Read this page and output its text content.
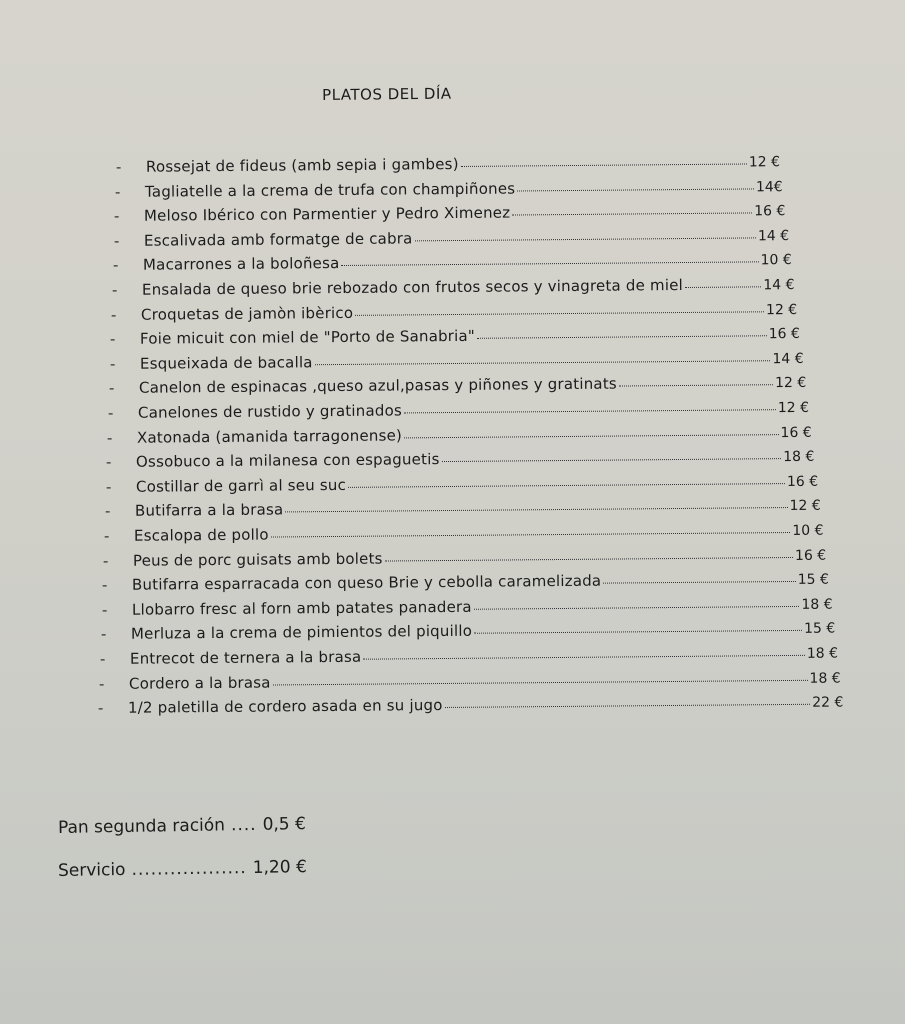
PLATOS DEL DÍA
-	Rossejat de fideus (amb sepia i gambes)	12 €
-	Tagliatelle a la crema de trufa con champiñones	14€
-	Meloso Ibérico con Parmentier y Pedro Ximenez	16 €
-	Escalivada amb formatge de cabra	14 €
-	Macarrones a la boloñesa	10 €
-	Ensalada de queso brie rebozado con frutos secos y vinagreta de miel	14 €
-	Croquetas de jamòn ibèrico	12 €
-	Foie micuit con miel de "Porto de Sanabria"	16 €
-	Esqueixada de bacalla	14 €
-	Canelon de espinacas ,queso azul,pasas y piñones y gratinats	12 €
-	Canelones de rustido y gratinados	12 €
-	Xatonada (amanida tarragonense)	16 €
-	Ossobuco a la milanesa con espaguetis	18 €
-	Costillar de garrì al seu suc	16 €
-	Butifarra a la brasa	12 €
-	Escalopa de pollo	10 €
-	Peus de porc guisats amb bolets	16 €
-	Butifarra esparracada con queso Brie y cebolla caramelizada	15 €
-	Llobarro fresc al forn amb patates panadera	18 €
-	Merluza a la crema de pimientos del piquillo	15 €
-	Entrecot de ternera a la brasa	18 €
-	Cordero a la brasa	18 €
-	1/2 paletilla de cordero asada en su jugo	22 €
Pan segunda ración .... 0,5 €
Servicio .................. 1,20 €
